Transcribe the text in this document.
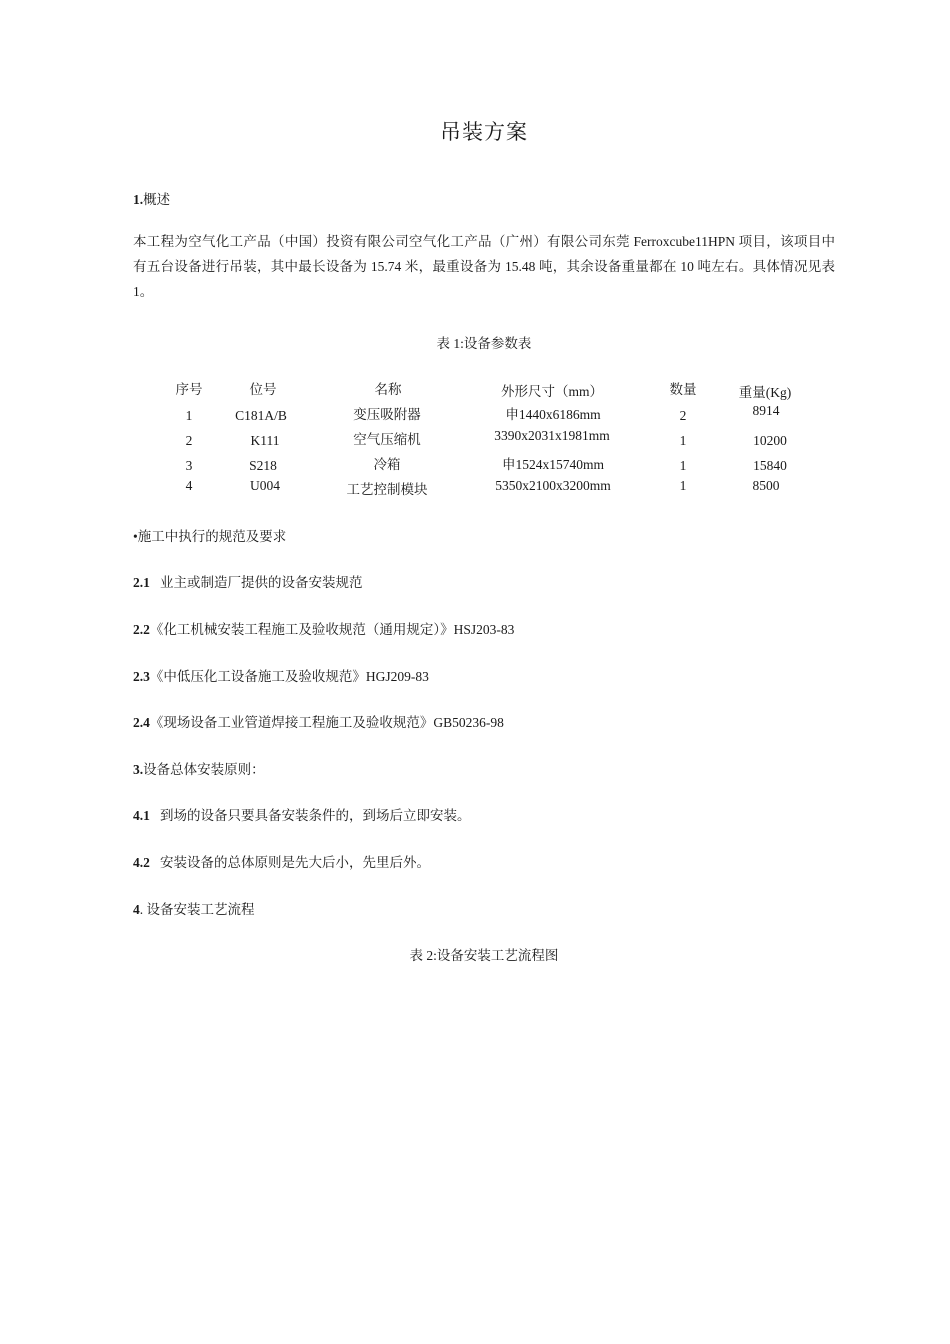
吊装方案
1.概述
本工程为空气化工产品（中国）投资有限公司空气化工产品（广州）有限公司东莞 Ferroxcube11HPN 项目，该项目中有五台设备进行吊装，其中最长设备为 15.74 米，最重设备为 15.48 吨，其余设备重量都在 10 吨左右。具体情况见表 1。
表 1:设备参数表
序号	位号	名称	外形尺寸（mm）	数量	重量(Kg)
1	C181A/B	变压吸附器	申1440x6186mm	2	8914
2	K111	空气压缩机	3390x2031x1981mm	1	10200
3	S218	冷箱	申1524x15740mm	1	15840
4	U004	工艺控制模块	5350x2100x3200mm	1	8500
•施工中执行的规范及要求
2.1   业主或制造厂提供的设备安装规范
2.2《化工机械安装工程施工及验收规范（通用规定）》HSJ203-83
2.3《中低压化工设备施工及验收规范》HGJ209-83
2.4《现场设备工业管道焊接工程施工及验收规范》GB50236-98
3.设备总体安装原则：
4.1   到场的设备只要具备安装条件的，到场后立即安装。
4.2   安装设备的总体原则是先大后小，先里后外。
4. 设备安装工艺流程
表 2:设备安装工艺流程图
